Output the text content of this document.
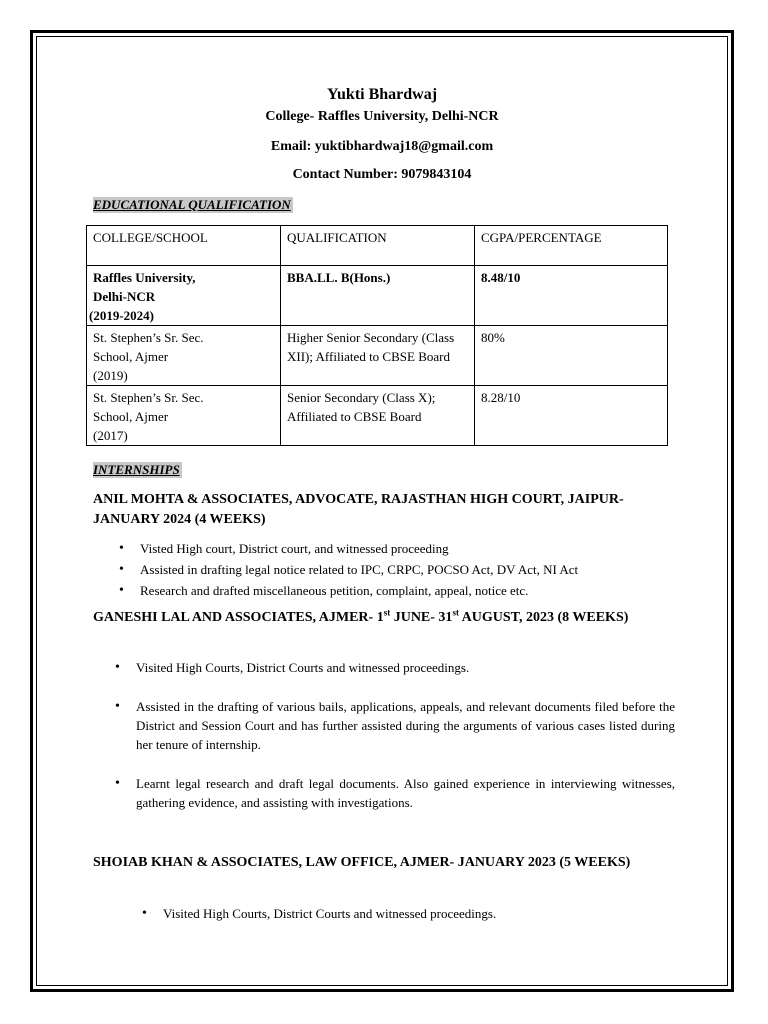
Yukti Bhardwaj
College- Raffles University, Delhi-NCR
Email: yuktibhardwaj18@gmail.com
Contact Number: 9079843104
EDUCATIONAL QUALIFICATION
COLLEGE/SCHOOL	QUALIFICATION	CGPA/PERCENTAGE

Raffles University,
Delhi-NCR
(2019-2024)	BBA.LL. B(Hons.)	8.48/10

St. Stephen’s Sr. Sec.
School, Ajmer
(2019)	Higher Senior Secondary (Class XII); Affiliated to CBSE Board	80%

St. Stephen’s Sr. Sec.
School, Ajmer
(2017)	Senior Secondary (Class X); Affiliated to CBSE Board	8.28/10
INTERNSHIPS
ANIL MOHTA & ASSOCIATES, ADVOCATE, RAJASTHAN HIGH COURT, JAIPUR- JANUARY 2024 (4 WEEKS)
• Visted High court, District court, and witnessed proceeding
• Assisted in drafting legal notice related to IPC, CRPC, POCSO Act, DV Act, NI Act
• Research and drafted miscellaneous petition, complaint, appeal, notice etc.
GANESHI LAL AND ASSOCIATES, AJMER- 1st JUNE- 31st AUGUST, 2023 (8 WEEKS)
• Visited High Courts, District Courts and witnessed proceedings.
• Assisted in the drafting of various bails, applications, appeals, and relevant documents filed before the District and Session Court and has further assisted during the arguments of various cases listed during her tenure of internship.
• Learnt legal research and draft legal documents. Also gained experience in interviewing witnesses, gathering evidence, and assisting with investigations.
SHOIAB KHAN & ASSOCIATES, LAW OFFICE, AJMER- JANUARY 2023 (5 WEEKS)
• Visited High Courts, District Courts and witnessed proceedings.
